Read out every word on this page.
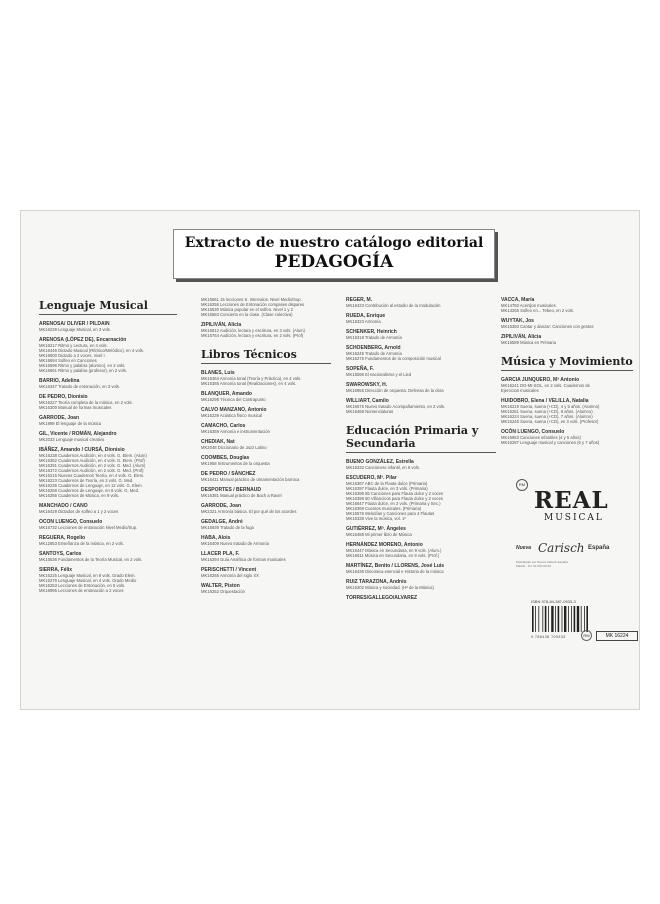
Extracto de nuestro catálogo editorial
PEDAGOGÍA
Lenguaje Musical
ARENOSA/ OLIVER / PILDAIN
MK16239 Lenguaje Musical, en 3 vols.
ARENOSA (LÓPEZ DE), Encarnación
MK16217 Ritmo y Lectura, en 4 vols.
MK16446 Dictado Musical (Rítmico/Melódico), en 4 vols.
MK16500 Dictado a 2 voces, nivel I
MK16694 Solfeo en Canciones
MK16596 Ritmo y palabra (alumno), en 2 vols.
MK16661 Ritmo y palabra (profesor), en 2 vols.
BARRIO, Adelina
MK16347 Tratado de entonación, en 3 vols.
DE PEDRO, Dionisio
MK16227 Teoría completa de la música, en 2 vols.
MK16300 Manual de formas musicales
GARRODE, Joan
MK1998 El lenguaje de la música
GIL, Vicente / ROMÁN, Alejandro
MK2033 Lenguaje musical creativo
IBÁÑEZ, Amando / CURSÁ, Dionisio
MK16238 Cuadernos Audición, en 4 vols. G. Elem. (Alum)
MK16362 Cuadernos Audición, en 4 vols. G. Elem. (Prof)
MK16291 Cuadernos Audición, en 2 vols. G. Med. (Alum)
MK16372 Cuadernos Audición, en 2 vols. G. Med. (Prof)
MK16215 Nuevos Cuadernos Teoría, en 4 vols. G. Elem.
MK16223 Cuadernos de Teoría, en 2 vols. G. Med.
MK16236 Cuadernos de Lenguaje, en 12 vols. G. Elem.
MK16268 Cuadernos de Lenguaje, en 6 vols. G. Med.
MK16266 Cuadernos de Música, en 9 vols.
MANCHADO / CANO
MK16429 Dictados de solfeo a 1 y 2 voces
OCON LUENGO, Consuelo
MK16732 Lecciones de entonación Nivel Medio/Sup.
REGUERA, Rogelio
MK12853 Enseñanza de la música, en 2 vols.
SANTOYS, Carlos
MK16536 Fundamentos de la Teoría Musical, en 2 vols.
SIERRA, Félix
MK16225 Lenguaje Musical, en 8 vols. Grado Elem.
MK16276 Lenguaje Musical, en 4 vols. Grado Medio
MK16253 Lecciones de Entonación, en 5 vols.
MK16995 Lecciones de entonación a 2 voces
MK16661 15 lecciones S. Intervalos. Nivel Medio/Sup.
MK16256 Lecciones de Entonación compases dispares
MK16530 Música popular en el solfeo. Nivel 1 y 2
MK16583 Concierto en la clase. (Clase colectiva)
ZIPILIVÁN, Alicia
MK16812 Audición, lectura y escritura, en 3 vols. (Alum)
MK16764 Audición, lectura y escritura, en 2 vols. (Prof)
Libros Técnicos
BLANES, Luis
MK16364 Armonía tonal (Teoría y Práctica), en 4 vols.
MK16385 Armonía tonal (Realizaciones), en 4 vols.
BLANQUER, Amando
MK16298 Técnica del Contrapunto
CALVO MANZANO, Antonio
MK16239 Acústica físico musical
CAMACHO, Carlos
MK16359 Armonía e instrumentación
CHEDIAK, Nat
MK2048 Diccionario de Jazz Latino
COOMBES, Douglas
MK1958 Instrumentos de la orquesta
DE PEDRO / SÁNCHEZ
MK16411 Manual práctico de ornamentación barroca
DESPORTES / BERNAUD
MK16381 Manual práctico de Bach a Ravel
GARRODE, Joan
MK2321 Armonía básica. El por qué de los acordes
GEDALGE, André
MK16939 Tratado de la fuga
HABA, Alois
MK16409 Nuevo tratado de Armonía
LLACER PLA, F.
MK16294 Guía Analítica de formas musicales
PERISCHETTI / Vincent
MK16265 Armonía del siglo XX
WALTER, Piston
MK16252 Orquestación
REGER, M.
MK16423 Contribución al estudio de la modulación
RUEDA, Enrique
MK16323 Armonía
SCHENKER, Heinrich
MK16318 Tratado de Armonía
SCHOENBERG, Arnold
MK16245 Tratado de Armonía
MK16275 Fundamentos de la composición musical
SOPEÑA, F.
MK16596 El nacionalismo y el Lied
SWAROWSKY, H.
MK16955 Dirección de orquesta. Defensa de la obra
WILLIART, Camilo
MK16575 Nuevo tratado Acompañamiento, en 2 vols.
MK16468 Nomenclaturas
Educación Primaria y Secundaria
BUENO GONZÁLEZ, Estrella
MK16332 Cancionero infantil, en 6 vols.
ESCUDERO, Mª. Pilar
MK16367 ABC de la Flauta dulce (Primaria)
MK16397 Flauta dulce, en 3 vols. (Primaria)
MK16396 65 Canciones para Flauta dulce y 2 voces
MK16396 50 Villancicos para Flauta dulce y 2 voces
MK16647 Flauta dulce, en 2 vols. (Primaria y Sec.)
MK16369 Cuentos musicales. (Primaria)
MK16576 Melodías y Canciones para 4 Flautas
MK16338 Vive la música, vol. 1º
GUTIÉRREZ, Mª. Ángeles
MK16488 Mi primer libro de Música
HERNÁNDEZ MORENO, Antonio
MK16447 Música en Secundaria, en 9 vols. (Alum.)
MK16611 Música en Secundaria, en 9 vols. (Prof.)
MARTÍNEZ, Benito / LLORENS, José Luis
MK16436 Discoteca esencial e Historia de la música
RUIZ TARAZONA, Andrés
MK16302 Música y sociedad. (Hª de la Música)
TORRES/GALLEGO/ALVAREZ
VACCA, María
MK14750 Acertijos musicales
MK13265 Solfeo en... Tebeo, en 2 vols.
WUYTAK, Jos
MK16393 Cantar y danzar: Canciones con gestos
ZIPILIVÁN, Alicia
MK16589 Música en Primaria
Música y Movimiento
GARCIA JUNQUERO, Mª Antonio
MK16241 DO-MI-SOL, en 2 vols. Cuadernos de
Ejercicios musicales
HUIDOBRO, Elena / VELILLA, Natalia
MK16219 Suena, suena (+CD), 4 y 5 años. (Alumno)
MK16251 Suena, suena (+CD), 6 años. (Alumno)
MK16224 Suena, suena (+CD), 7 años. (Alumno)
MK16246 Suena, suena (+CD), en 3 vols. (Profesor)
OCÓN LUENGO, Consuelo
MK16953 Canciones infantiles (4 y 5 años)
MK16287 Lenguaje musical y canciones (6 y 7 años)
RM
REAL
MUSICAL
Nueva Carisch España
Distribuidor por Nueva Carisch España
Madrid · Tel. 91 000 00 00
ISBN 978-84-387-0933-3
9 788438 709333	RM	MK 16224
